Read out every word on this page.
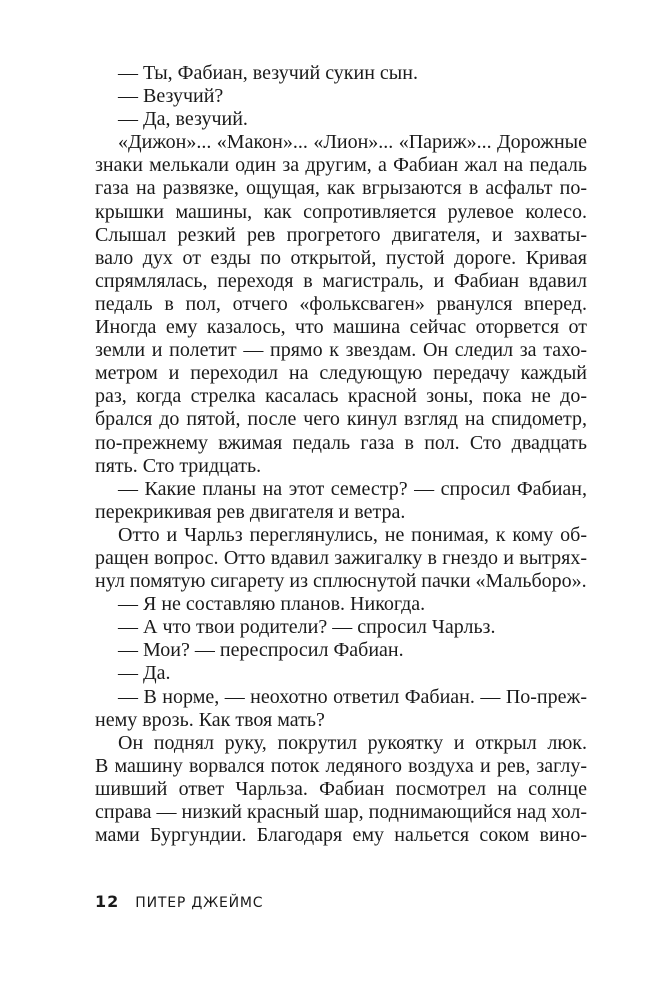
— Ты, Фабиан, везучий сукин сын.
— Везучий?
— Да, везучий.
«Дижон»... «Макон»... «Лион»... «Париж»... Дорожные
знаки мелькали один за другим, а Фабиан жал на педаль
газа на развязке, ощущая, как вгрызаются в асфальт по-
крышки машины, как сопротивляется рулевое колесо.
Слышал резкий рев прогретого двигателя, и захваты-
вало дух от езды по открытой, пустой дороге. Кривая
спрямлялась, переходя в магистраль, и Фабиан вдавил
педаль в пол, отчего «фольксваген» рванулся вперед.
Иногда ему казалось, что машина сейчас оторвется от
земли и полетит — прямо к звездам. Он следил за тахо-
метром и переходил на следующую передачу каждый
раз, когда стрелка касалась красной зоны, пока не до-
брался до пятой, после чего кинул взгляд на спидометр,
по-прежнему вжимая педаль газа в пол. Сто двадцать
пять. Сто тридцать.
— Какие планы на этот семестр? — спросил Фабиан,
перекрикивая рев двигателя и ветра.
Отто и Чарльз переглянулись, не понимая, к кому об-
ращен вопрос. Отто вдавил зажигалку в гнездо и вытрях-
нул помятую сигарету из сплюснутой пачки «Мальборо».
— Я не составляю планов. Никогда.
— А что твои родители? — спросил Чарльз.
— Мои? — переспросил Фабиан.
— Да.
— В норме, — неохотно ответил Фабиан. — По-преж-
нему врозь. Как твоя мать?
Он поднял руку, покрутил рукоятку и открыл люк.
В машину ворвался поток ледяного воздуха и рев, заглу-
шивший ответ Чарльза. Фабиан посмотрел на солнце
справа — низкий красный шар, поднимающийся над хол-
мами Бургундии. Благодаря ему нальется соком вино-
12 ПИТЕР ДЖЕЙМС
